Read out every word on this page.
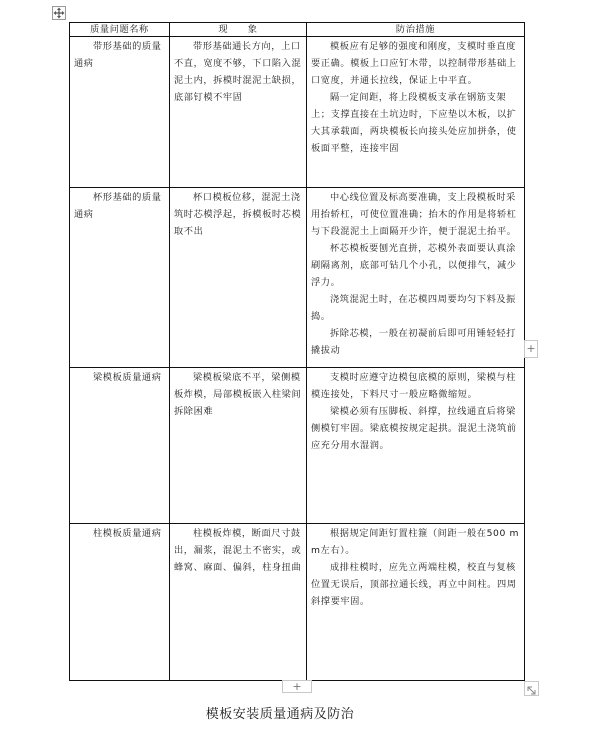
质量问题名称	现　　象	防治措施

带形基础的质量通病	带形基础通长方向，上口不直，宽度不够，下口陷入混泥土内，拆模时混泥土缺损，底部钉模不牢固	模板应有足够的强度和刚度，支模时垂直度要正确。模板上口应钉木带，以控制带形基础上口宽度，并通长拉线，保证上中平直。

隔一定间距，将上段模板支承在钢筋支架上；支撑直接在土坑边时，下应垫以木板，以扩大其承载面，两块模板长向接头处应加拼条，使板面平整，连接牢固

杯形基础的质量通病	杯口模板位移，混泥土浇筑时芯模浮起，拆模板时芯模取不出	中心线位置及标高要准确，支上段模板时采用抬轿杠，可使位置准确；抬木的作用是将轿杠与下段混泥土上面隔开少许，便于混泥土抬平。

杯芯模板要刨光直拼，芯模外表面要认真涂刷隔离剂，底部可钻几个小孔，以便排气，减少浮力。

浇筑混泥土时，在芯模四周要均匀下料及振捣。

拆除芯模，一般在初凝前后即可用锤轻轻打撬拔动

梁模板质量通病	梁模板梁底不平，梁侧模板炸模，局部模板嵌入柱梁间拆除困难	支模时应遵守边模包底模的原则，梁模与柱模连接处，下料尺寸一般应略微缩短。

梁模必须有压脚板、斜撑，拉线通直后将梁侧模钉牢固。梁底模按规定起拱。混泥土浇筑前应充分用水湿润。

柱模板质量通病	柱模板炸模，断面尺寸鼓出，漏浆，混泥土不密实，或蜂窝、麻面、偏斜，柱身扭曲	根据规定间距钉置柱箍（间距一般在500 mm左右）。

成排柱模时，应先立两端柱模，校直与复核位置无误后，顶部拉通长线，再立中间柱。四周斜撑要牢固。

+
+
模板安装质量通病及防治
